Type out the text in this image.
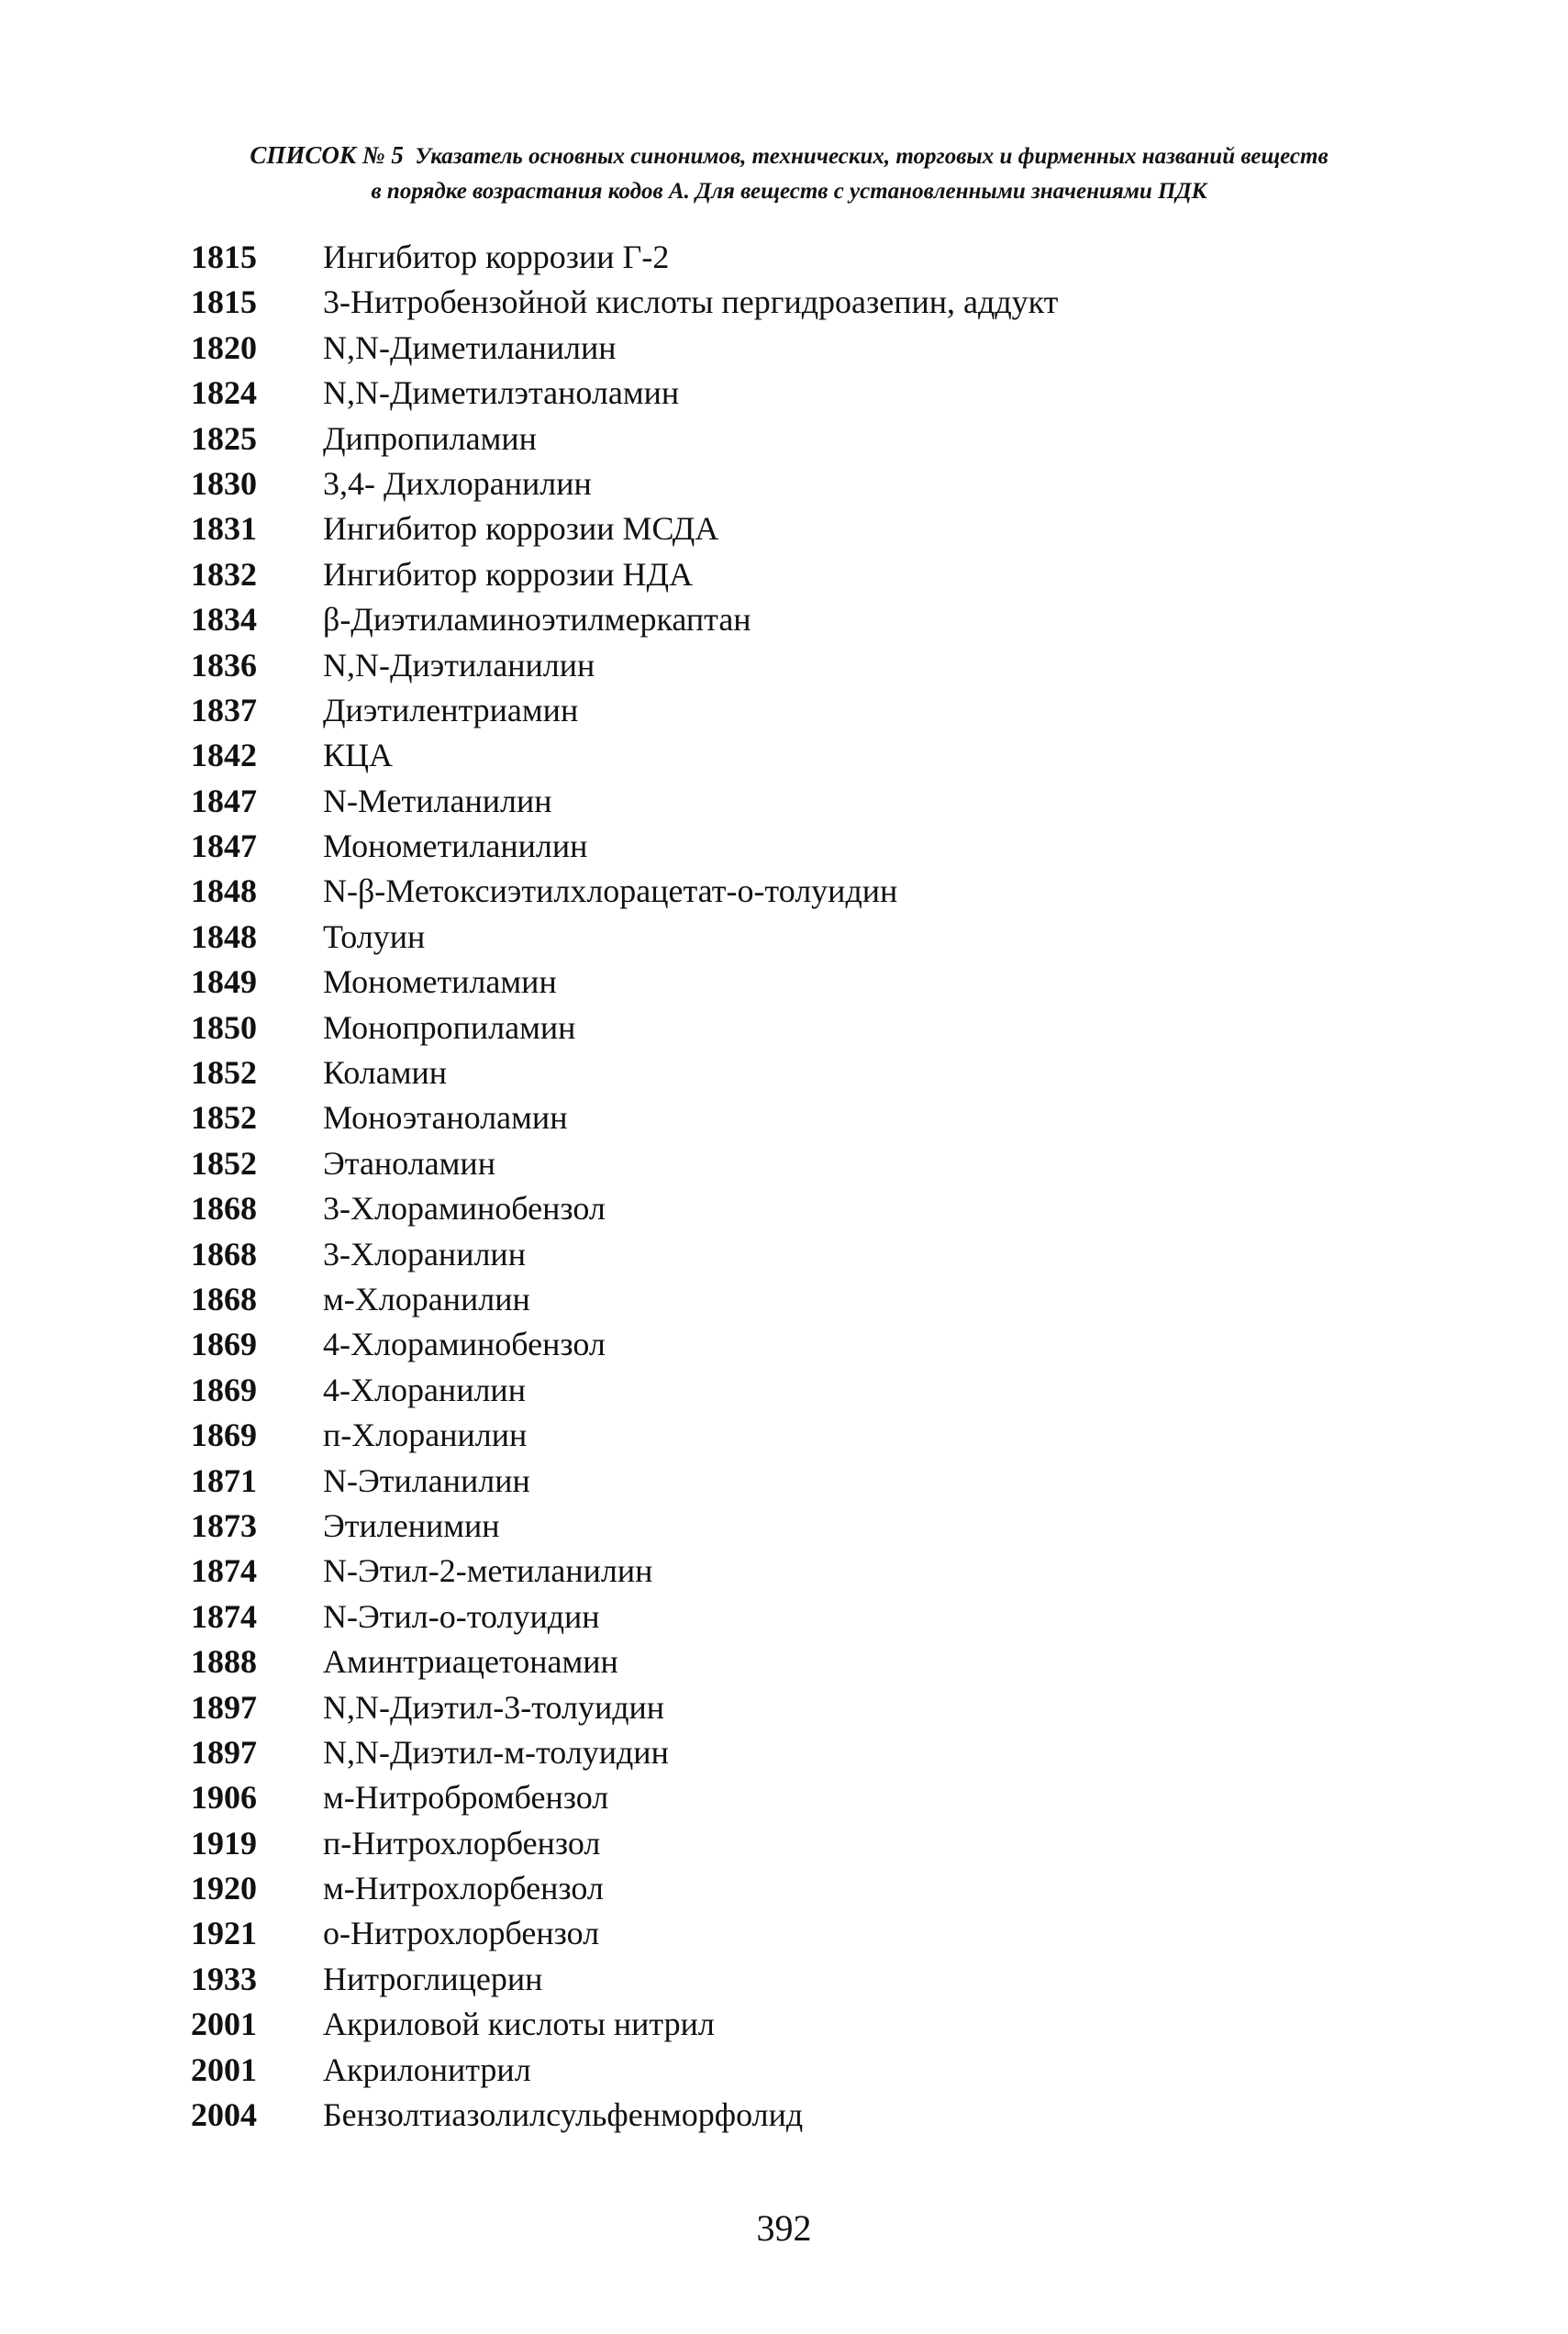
СПИСОК № 5 Указатель основных синонимов, технических, торговых и фирменных названий веществ
в порядке возрастания кодов А. Для веществ с установленными значениями ПДК
1815 Ингибитор коррозии Г-2
1815 3-Нитробензойной кислоты пергидроазепин, аддукт
1820 N,N-Диметиланилин
1824 N,N-Диметилэтаноламин
1825 Дипропиламин
1830 3,4- Дихлоранилин
1831 Ингибитор коррозии МСДА
1832 Ингибитор коррозии НДА
1834 β-Диэтиламиноэтилмеркаптан
1836 N,N-Диэтиланилин
1837 Диэтилентриамин
1842 КЦА
1847 N-Метиланилин
1847 Монометиланилин
1848 N-β-Метоксиэтилхлорацетат-о-толуидин
1848 Толуин
1849 Монометиламин
1850 Монопропиламин
1852 Коламин
1852 Моноэтаноламин
1852 Этаноламин
1868 3-Хлораминобензол
1868 3-Хлоранилин
1868 м-Хлоранилин
1869 4-Хлораминобензол
1869 4-Хлоранилин
1869 п-Хлоранилин
1871 N-Этиланилин
1873 Этиленимин
1874 N-Этил-2-метиланилин
1874 N-Этил-о-толуидин
1888 Аминтриацетонамин
1897 N,N-Диэтил-3-толуидин
1897 N,N-Диэтил-м-толуидин
1906 м-Нитробромбензол
1919 п-Нитрохлорбензол
1920 м-Нитрохлорбензол
1921 о-Нитрохлорбензол
1933 Нитроглицерин
2001 Акриловой кислоты нитрил
2001 Акрилонитрил
2004 Бензолтиазолилсульфенморфолид
392
